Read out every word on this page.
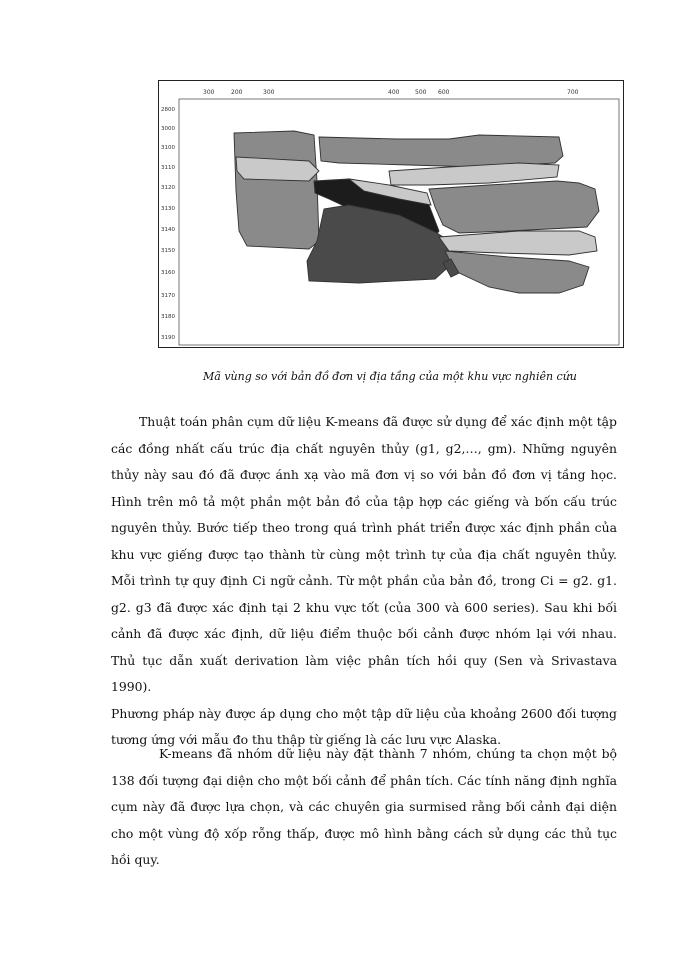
300	200	300	400	500 600	700
2800
3000
3100
3110
3120
3130
3140
3150
3160
3170
3180
3190
Mã vùng so với bản đồ đơn vị địa tầng của một khu vực nghiên cứu

Thuật toán phân cụm dữ liệu K-means đã được sử dụng để xác định một tập các đồng nhất cấu trúc địa chất nguyên thủy (g1, g2,…, gm). Những nguyên thủy này sau đó đã được ánh xạ vào mã đơn vị so với bản đồ đơn vị tầng học. Hình trên mô tả một phần một bản đồ của tập hợp các giếng và bốn cấu trúc nguyên thủy. Bước tiếp theo trong quá trình phát triển được xác định phần của khu vực giếng được tạo thành từ cùng một trình tự của địa chất nguyên thủy. Mỗi trình tự quy định Ci ngữ cảnh. Từ một phần của bản đồ, trong Ci = g2. g1. g2. g3 đã được xác định tại 2 khu vực tốt (của 300 và 600 series). Sau khi bối cảnh đã được xác định, dữ liệu điểm thuộc bối cảnh được nhóm lại với nhau. Thủ tục dẫn xuất derivation làm việc phân tích hồi quy (Sen và Srivastava 1990).

Phương pháp này được áp dụng cho một tập dữ liệu của khoảng 2600 đối tượng tương ứng với mẫu đo thu thập từ giếng là các lưu vực Alaska.

K-means đã nhóm dữ liệu này đặt thành 7 nhóm, chúng ta chọn một bộ 138 đối tượng đại diện cho một bối cảnh để phân tích. Các tính năng định nghĩa cụm này đã được lựa chọn, và các chuyên gia surmised rằng bối cảnh đại diện cho một vùng độ xốp rỗng thấp, được mô hình bằng cách sử dụng các thủ tục hồi quy.
